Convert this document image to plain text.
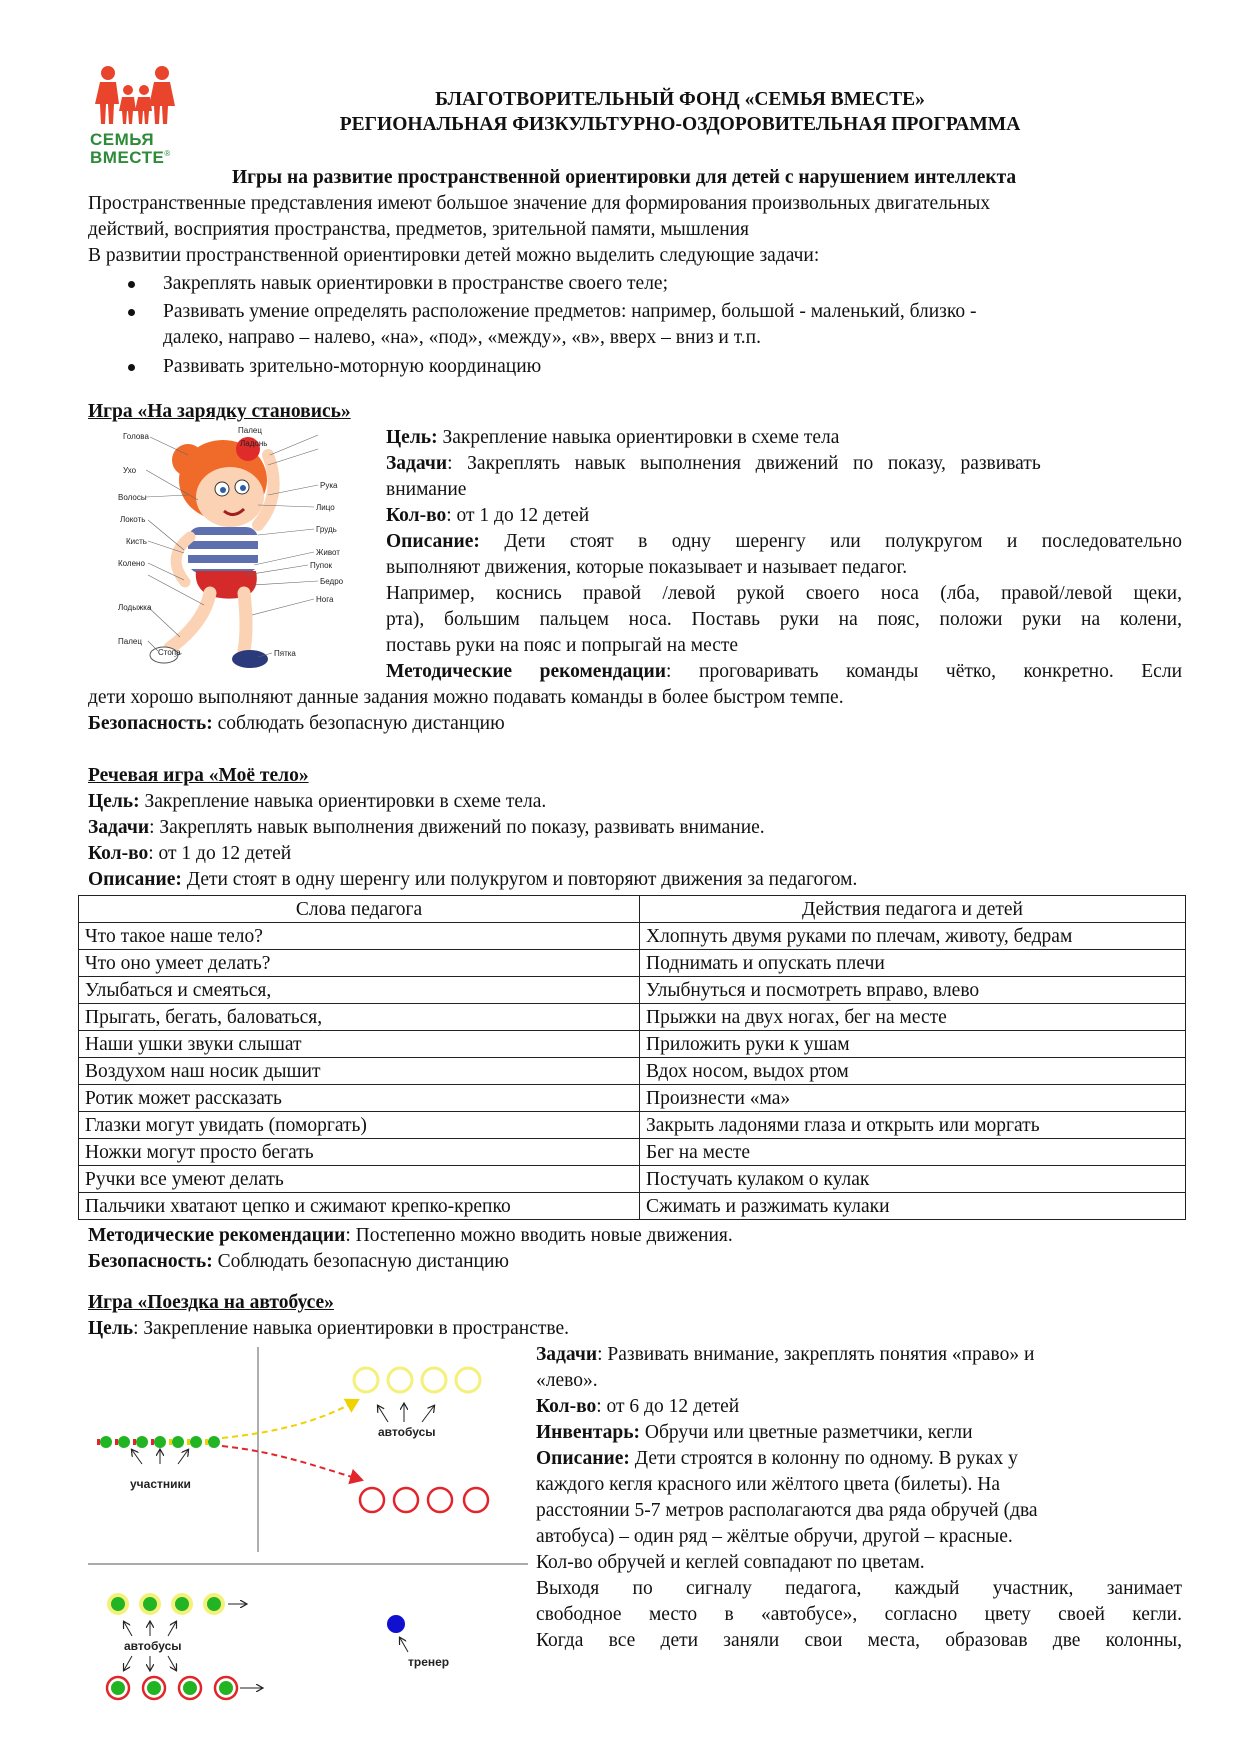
СЕМЬЯ
ВМЕСТЕ®
БЛАГОТВОРИТЕЛЬНЫЙ ФОНД «СЕМЬЯ ВМЕСТЕ»
РЕГИОНАЛЬНАЯ ФИЗКУЛЬТУРНО-ОЗДОРОВИТЕЛЬНАЯ ПРОГРАММА
Игры на развитие пространственной ориентировки для детей с нарушением интеллекта
Пространственные представления имеют большое значение для формирования произвольных двигательных
действий, восприятия пространства, предметов, зрительной памяти, мышления
В развитии пространственной ориентировки детей можно выделить следующие задачи:
Закреплять навык ориентировки в пространстве своего теле;
Развивать умение определять расположение предметов: например, большой - маленький, близко -
далеко, направо – налево, «на», «под», «между», «в», вверх – вниз и т.п.
Развивать зрительно-моторную координацию
Игра «На зарядку становись»
Голова
Палец
Ладонь
Рука
Лицо
Ухо
Грудь
Волосы
Живот
Локоть
Пупок
Кисть
Бедро
Колено
Нога
Лодыжка
Палец
Стопа	Пятка
Цель: Закрепление навыка ориентировки в схеме тела
Задачи:   Закреплять   навык   выполнения   движений   по   показу,   развивать
внимание
Кол-во: от 1 до 12 детей
Описание: Дети стоят в одну шеренгу или полукругом и последовательно
выполняют движения, которые показывает и называет педагог.
Например, коснись правой /левой рукой своего носа (лба, правой/левой щеки,
рта), большим пальцем носа. Поставь руки на пояс, положи руки на колени,
поставь руки на пояс и попрыгай на месте
Методические рекомендации: проговаривать команды чётко, конкретно. Если
дети хорошо выполняют данные задания можно подавать команды в более быстром темпе.
Безопасность: соблюдать безопасную дистанцию
Речевая игра «Моё тело»
Цель: Закрепление навыка ориентировки в схеме тела.
Задачи: Закреплять навык выполнения движений по показу, развивать внимание.
Кол-во: от 1 до 12 детей
Описание: Дети стоят в одну шеренгу или полукругом и повторяют движения за педагогом.
Слова педагога	Действия педагога и детей
Что такое наше тело?	Хлопнуть двумя руками по плечам, животу, бедрам
Что оно умеет делать?	Поднимать и опускать плечи
Улыбаться и смеяться,	Улыбнуться и посмотреть вправо, влево
Прыгать, бегать, баловаться,	Прыжки на двух ногах, бег на месте
Наши ушки звуки слышат	Приложить руки к ушам
Воздухом наш носик дышит	Вдох носом, выдох ртом
Ротик может рассказать	Произнести «ма»
Глазки могут увидать (поморгать)	Закрыть ладонями глаза и открыть или моргать
Ножки могут просто бегать	Бег на месте
Ручки все умеют делать	Постучать кулаком о кулак
Пальчики хватают цепко и сжимают крепко-крепко	Сжимать и разжимать кулаки
Методические рекомендации: Постепенно можно вводить новые движения.
Безопасность: Соблюдать безопасную дистанцию
Игра «Поездка на автобусе»
Цель: Закрепление навыка ориентировки в пространстве.
автобусы
участники
автобусы
тренер
Задачи: Развивать внимание, закреплять понятия «право» и
«лево».
Кол-во: от 6 до 12 детей
Инвентарь: Обручи или цветные разметчики, кегли
Описание: Дети строятся в колонну по одному. В руках у
каждого кегля красного или жёлтого цвета (билеты). На
расстоянии 5-7 метров располагаются два ряда обручей (два
автобуса) – один ряд – жёлтые обручи, другой – красные.
Кол-во обручей и кеглей совпадают по цветам.
Выходя   по   сигналу   педагога,   каждый   участник,   занимает
свободное   место   в   «автобусе»,   согласно   цвету   своей   кегли.
Когда   все   дети   заняли   свои   места,   образовав   две   колонны,
